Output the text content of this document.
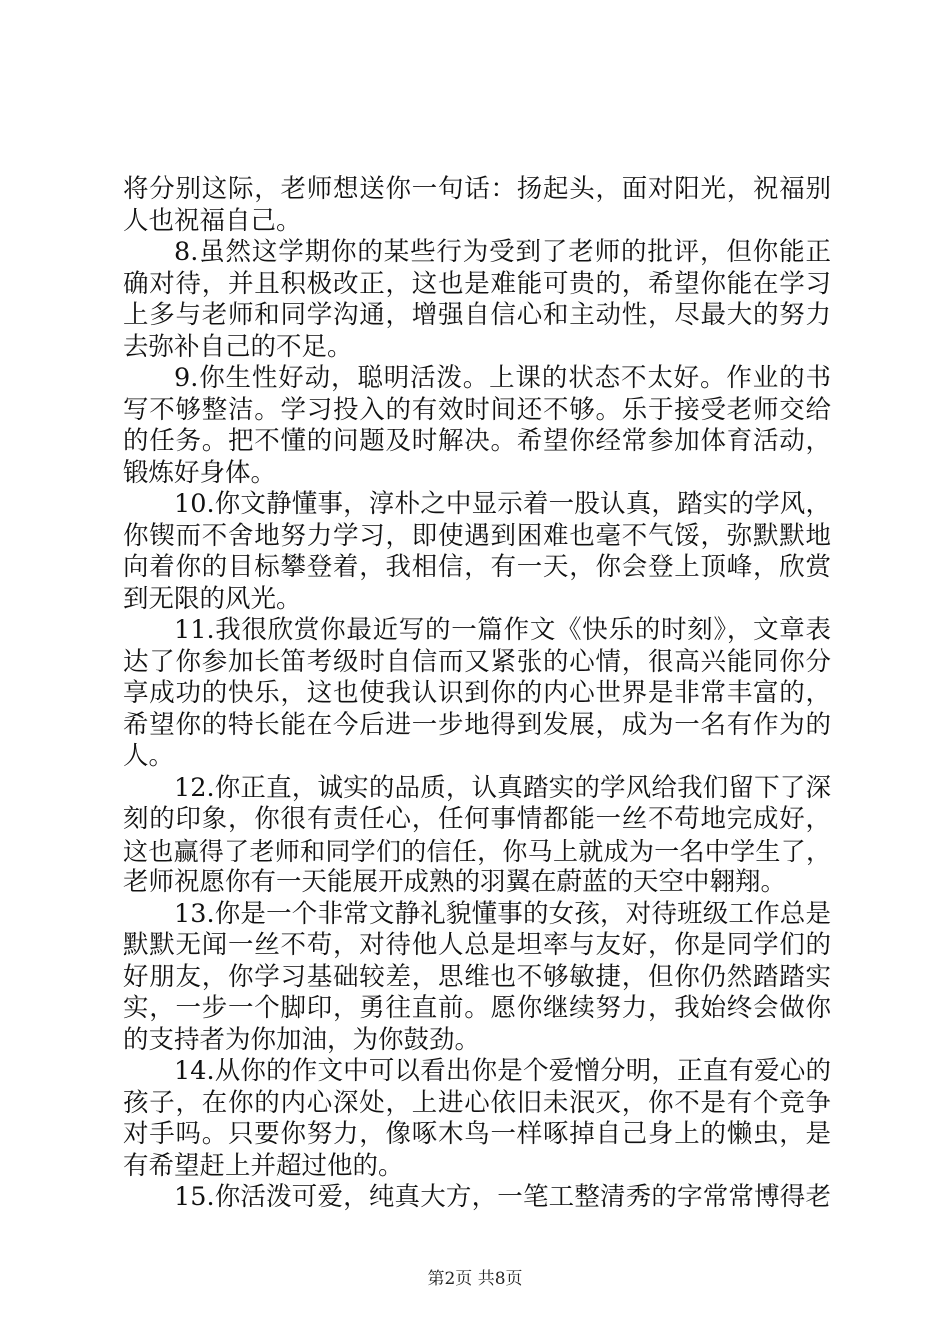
将分别这际，老师想送你一句话：扬起头，面对阳光，祝福别
人也祝福自己。
8.虽然这学期你的某些行为受到了老师的批评，但你能正
确对待，并且积极改正，这也是难能可贵的，希望你能在学习
上多与老师和同学沟通，增强自信心和主动性，尽最大的努力
去弥补自己的不足。
9.你生性好动，聪明活泼。上课的状态不太好。作业的书
写不够整洁。学习投入的有效时间还不够。乐于接受老师交给
的任务。把不懂的问题及时解决。希望你经常参加体育活动，
锻炼好身体。
10.你文静懂事，淳朴之中显示着一股认真，踏实的学风，
你锲而不舍地努力学习，即使遇到困难也毫不气馁，弥默默地
向着你的目标攀登着，我相信，有一天，你会登上顶峰，欣赏
到无限的风光。
11.我很欣赏你最近写的一篇作文《快乐的时刻》，文章表
达了你参加长笛考级时自信而又紧张的心情，很高兴能同你分
享成功的快乐，这也使我认识到你的内心世界是非常丰富的，
希望你的特长能在今后进一步地得到发展，成为一名有作为的
人。
12.你正直，诚实的品质，认真踏实的学风给我们留下了深
刻的印象，你很有责任心，任何事情都能一丝不苟地完成好，
这也赢得了老师和同学们的信任，你马上就成为一名中学生了，
老师祝愿你有一天能展开成熟的羽翼在蔚蓝的天空中翱翔。
13.你是一个非常文静礼貌懂事的女孩，对待班级工作总是
默默无闻一丝不苟，对待他人总是坦率与友好，你是同学们的
好朋友，你学习基础较差，思维也不够敏捷，但你仍然踏踏实
实，一步一个脚印，勇往直前。愿你继续努力，我始终会做你
的支持者为你加油，为你鼓劲。
14.从你的作文中可以看出你是个爱憎分明，正直有爱心的
孩子，在你的内心深处，上进心依旧未泯灭，你不是有个竞争
对手吗。只要你努力，像啄木鸟一样啄掉自己身上的懒虫，是
有希望赶上并超过他的。
15.你活泼可爱，纯真大方，一笔工整清秀的字常常博得老
第2页 共8页
